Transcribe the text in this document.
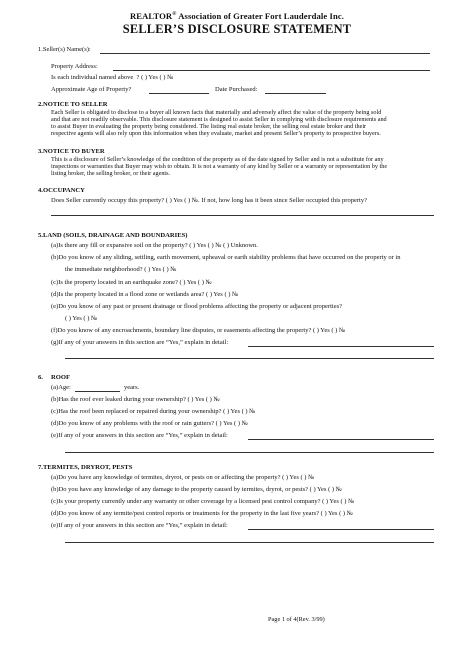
REALTOR® Association of Greater Fort Lauderdale Inc.
SELLER’S DISCLOSURE STATEMENT
1.Seller(s) Name(s):
Property Address:
Is each individual named above  ? ( ) Yes ( ) №
Approximate Age of Property?	Date Purchased:
2.NOTICE TO SELLER
Each Seller is obligated to disclose to a buyer all known facts that materially and adversely affect the value of the property being sold
and that are not readily observable. This disclosure statement is designed to assist Seller in complying with disclosure requirements and
to assist Buyer in evaluating the property being considered. The listing real estate broker, the selling real estate broker and their
respective agents will also rely upon this information when they evaluate, market and present Seller’s property to prospective buyers.
3.NOTICE TO BUYER
This is a disclosure of Seller’s knowledge of the condition of the property as of the date signed by Seller and is not a substitute for any
inspections or warranties that Buyer may wish to obtain. It is not a warranty of any kind by Seller or a warranty or representation by the
listing broker, the selling broker, or their agents.
4.OCCUPANCY
Does Seller currently occupy this property? ( ) Yes ( ) №. If not, how long has it been since Seller occupied this property?
5.LAND (SOILS, DRAINAGE AND BOUNDARIES)
(a)Is there any fill or expansive soil on the property? ( ) Yes ( ) № ( ) Unknown.
(b)Do you know of any sliding, settling, earth movement, upheaval or earth stability problems that have occurred on the property or in
the immediate neighborhood? ( ) Yes ( ) №
(c)Is the property located in an earthquake zone? ( ) Yes ( ) №
(d)Is the property located in a flood zone or wetlands area? ( ) Yes ( ) №
(e)Do you know of any past or present drainage or flood problems affecting the property or adjacent properties?
( ) Yes ( ) №
(f)Do you know of any encroachments, boundary line disputes, or easements affecting the property? ( ) Yes ( ) №
(g)If any of your answers in this section are “Yes,” explain in detail:
6. ROOF
(a)Age:	years.
(b)Has the roof ever leaked during your ownership? ( ) Yes ( ) №
(c)Has the roof been replaced or repaired during your ownership? ( ) Yes ( ) №
(d)Do you know of any problems with the roof or rain gutters? ( ) Yes ( ) №
(e)If any of your answers in this section are “Yes,” explain in detail:
7.TERMITES, DRYROT, PESTS
(a)Do you have any knowledge of termites, dryrot, or pests on or affecting the property? ( ) Yes ( ) №
(b)Do you have any knowledge of any damage to the property caused by termites, dryrot, or pests? ( ) Yes ( ) №
(c)Is your property currently under any warranty or other coverage by a licensed pest control company? ( ) Yes ( ) №
(d)Do you know of any termite/pest control reports or treatments for the property in the last five years? ( ) Yes ( ) №
(e)If any of your answers in this section are “Yes,” explain in detail:
Page 1 of 4(Rev. 3/99)
